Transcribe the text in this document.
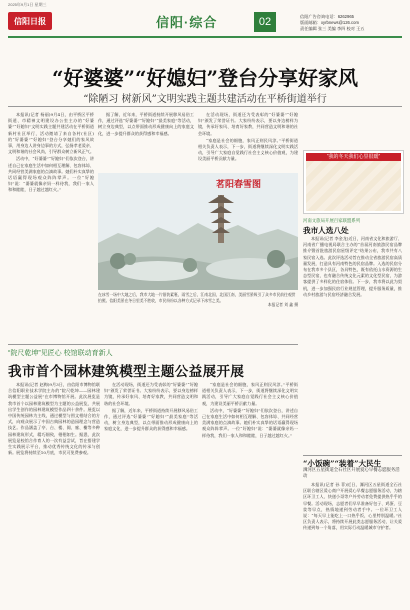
2025年9月1日 星期三
信阳日报	信阳·综合	02	信阳广告咨询电话：6262965
版面邮箱：xyrbnews@126.com
责任编辑 张三 美编 李四 校对 王五
“好婆婆”“好媳妇”登台分享好家风
“除陋习 树新风”文明实践主题共建活动在平桥街道举行

本报讯(记者 杨丽)9月4日，由平桥区平桥街道、市精神文明建设办公室主办的“好婆婆”“好媳妇”文明实践主题共建活动在平桥街道新村社区举行，活动邀请了来自各村(社区)的“好婆婆”“好媳妇”登台分享她们的家风故事，用身边人讲身边事的方式，弘扬孝老爱亲、文明和谐的社会风尚，引导群众树立新风正气。

活动中，“好婆婆”“好媳妇”们依次登台，讲述自己在家庭生活中如何相互理解、包容体谅、共同经营美满家庭的点滴故事。她们朴实真挚的话语赢得现场观众阵阵掌声。一位“好媳妇”说：“婆婆就像亲妈一样待我，我们一家人和和睦睦，日子越过越红火。”

据了解，近年来，平桥街道持续开展移风易俗工作，通过评选“好婆婆”“好媳妇”“最美家庭”等活动，树立身边典型，以点带面推动形成健康向上的家庭文化，进一步提升群众的获得感和幸福感。

在活动现场，街道还为受表彰的“好婆婆”“好媳妇”颁发了荣誉证书。大家纷纷表示，要以身边榜样为镜，传承好家风、培育好家教，共同营造文明和谐的社会环境。

“家庭是社会的细胞，家风正则民风淳。”平桥街道相关负责人表示，下一步，街道将继续深化文明实践活动，引导广大家庭自觉践行社会主义核心价值观，为建设美丽平桥贡献力量。

茗阳春雪图
在冰雪一场中大地之后，我市大地一片银装素裹，雨雪之后，江南北国，北国江南，美丽雪景吸引了众多市民前往观赏拍照。信阳美景在冬日里美不胜收，市民纷纷以各种方式记录下冰雪之美。
本报记者 刘 鑫 摄
“我的冬天我们心里很暖”
河南文旅局开展百家联盟系列
我市人选八处

本报讯(记者 李金龙)近日，河南省文化和旅游厅、河南省广播电视局联合主办的“首届河南旅游民宿品牌推介暨首批旅游民宿星级评定”结果公布，我市共有八家民宿入选。此次评选活动旨在推动全省旅游民宿高质量发展，打造具有河南特色的民宿品牌。入选的民宿分布在我市多个县区，各具特色，既有依托山水资源的生态型民宿，也有融合传统文化元素的文化型民宿，为游客提供了多样化的住宿体验。下一步，我市将以此为契机，进一步加强民宿行业规范管理，提升服务质量，推动乡村旅游与民宿经济融合发展。

“小饭碗”“装着”大民生
浉河区五星街道全石社区开展爱心早餐志愿服务活动

本报讯(记者 孙 菲)近日，浉河区五星街道全石社区联合辖区爱心商户开展爱心早餐志愿服务活动，为辖区环卫工人、快递小哥等户外劳动者免费提供热乎乎的早餐。活动现场，志愿者们早早准备好包子、鸡蛋、豆浆等早点，热情地递到劳动者手中。一位环卫工人说：“每天早上能吃上一口热乎饭，心里特别温暖。”社区负责人表示，将持续开展此类志愿服务活动，让关爱传递到每一个角落，用实际行动温暖城市守护者。

“院尺乾坤”见匠心 校馆联动育新人
我市首个园林建筑模型主题公益展开展

本报讯(记者 赵梅)9月3日，由信阳市博物馆联合信阳职业技术学院主办的“院尺乾坤——园林建筑模型主题公益展”在市博物馆开展。此次展览是我市首个以园林建筑模型为主题的公益展览，共展出学生创作的园林建筑模型作品四十余件。展览以中国传统园林为主线，通过模型与图文相结合的方式，向观众展示了中国古典园林的造园理念与营造技艺。作品涵盖了亭、台、楼、阁、廊、榭等多种园林建筑形式，精巧细致，栩栩如生。据悉，此次展览是校馆合作育人的一次有益尝试，旨在搭建学生实践展示平台，推动优秀传统文化的传承与创新。展览将持续至10月底，市民可免费参观。

在活动现场，街道还为受表彰的“好婆婆”“好媳妇”颁发了荣誉证书。大家纷纷表示，要以身边榜样为镜，传承好家风、培育好家教，共同营造文明和谐的社会环境。

据了解，近年来，平桥街道持续开展移风易俗工作，通过评选“好婆婆”“好媳妇”“最美家庭”等活动，树立身边典型，以点带面推动形成健康向上的家庭文化，进一步提升群众的获得感和幸福感。

“家庭是社会的细胞，家风正则民风淳。”平桥街道相关负责人表示，下一步，街道将继续深化文明实践活动，引导广大家庭自觉践行社会主义核心价值观，为建设美丽平桥贡献力量。

活动中，“好婆婆”“好媳妇”们依次登台，讲述自己在家庭生活中如何相互理解、包容体谅、共同经营美满家庭的点滴故事。她们朴实真挚的话语赢得现场观众阵阵掌声。一位“好媳妇”说：“婆婆就像亲妈一样待我，我们一家人和和睦睦，日子越过越红火。”
